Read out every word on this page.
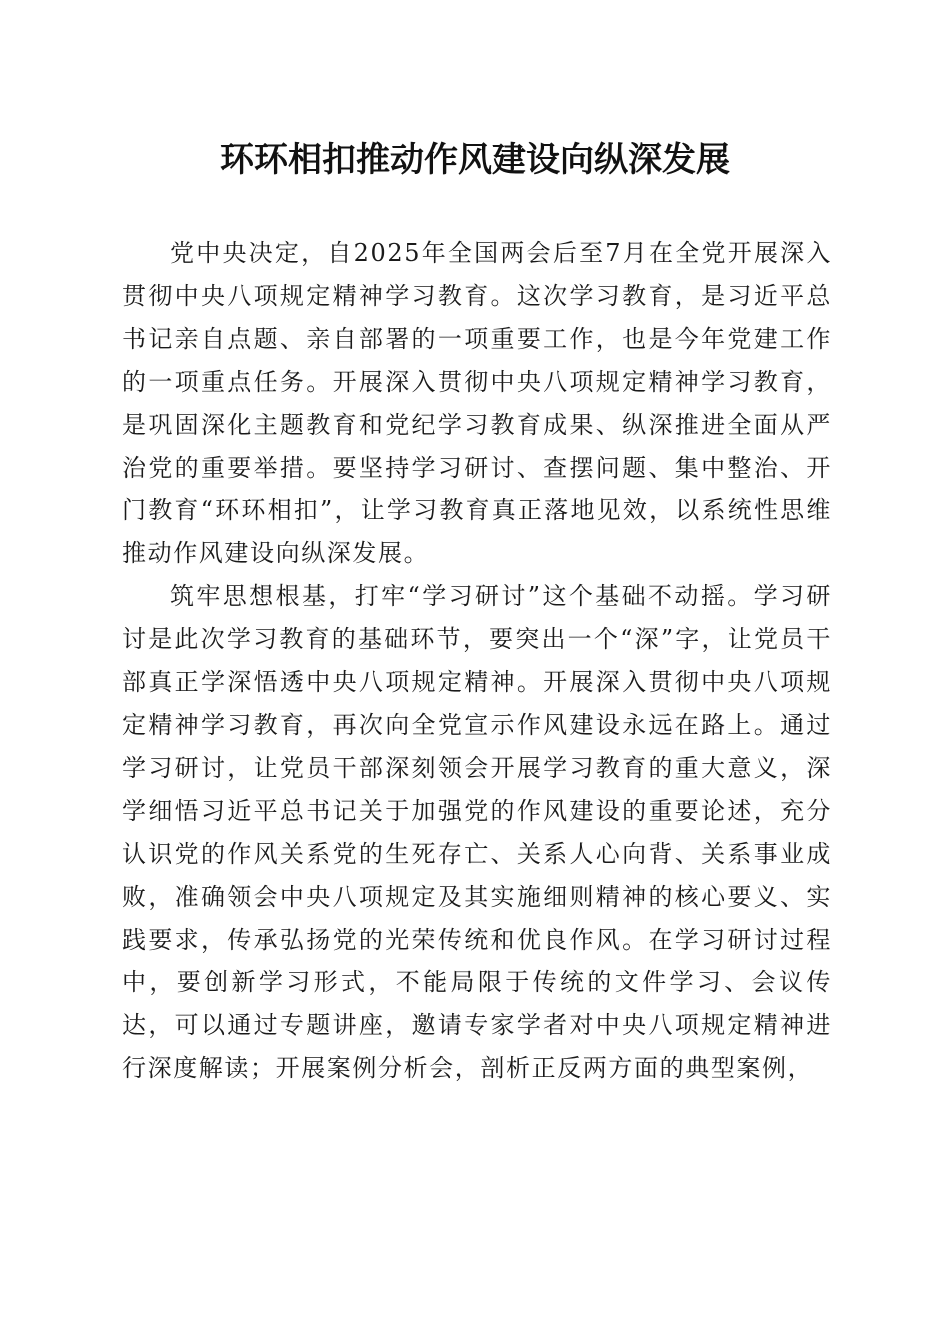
环环相扣推动作风建设向纵深发展

党中央决定，自2025年全国两会后至7月在全党开展深入贯彻中央八项规定精神学习教育。这次学习教育，是习近平总书记亲自点题、亲自部署的一项重要工作，也是今年党建工作的一项重点任务。开展深入贯彻中央八项规定精神学习教育，是巩固深化主题教育和党纪学习教育成果、纵深推进全面从严治党的重要举措。要坚持学习研讨、查摆问题、集中整治、开门教育“环环相扣”，让学习教育真正落地见效，以系统性思维推动作风建设向纵深发展。

筑牢思想根基，打牢“学习研讨”这个基础不动摇。学习研讨是此次学习教育的基础环节，要突出一个“深”字，让党员干部真正学深悟透中央八项规定精神。开展深入贯彻中央八项规定精神学习教育，再次向全党宣示作风建设永远在路上。通过学习研讨，让党员干部深刻领会开展学习教育的重大意义，深学细悟习近平总书记关于加强党的作风建设的重要论述，充分认识党的作风关系党的生死存亡、关系人心向背、关系事业成败，准确领会中央八项规定及其实施细则精神的核心要义、实践要求，传承弘扬党的光荣传统和优良作风。在学习研讨过程中，要创新学习形式，不能局限于传统的文件学习、会议传达，可以通过专题讲座，邀请专家学者对中央八项规定精神进行深度解读；开展案例分析会，剖析正反两方面的典型案例，
